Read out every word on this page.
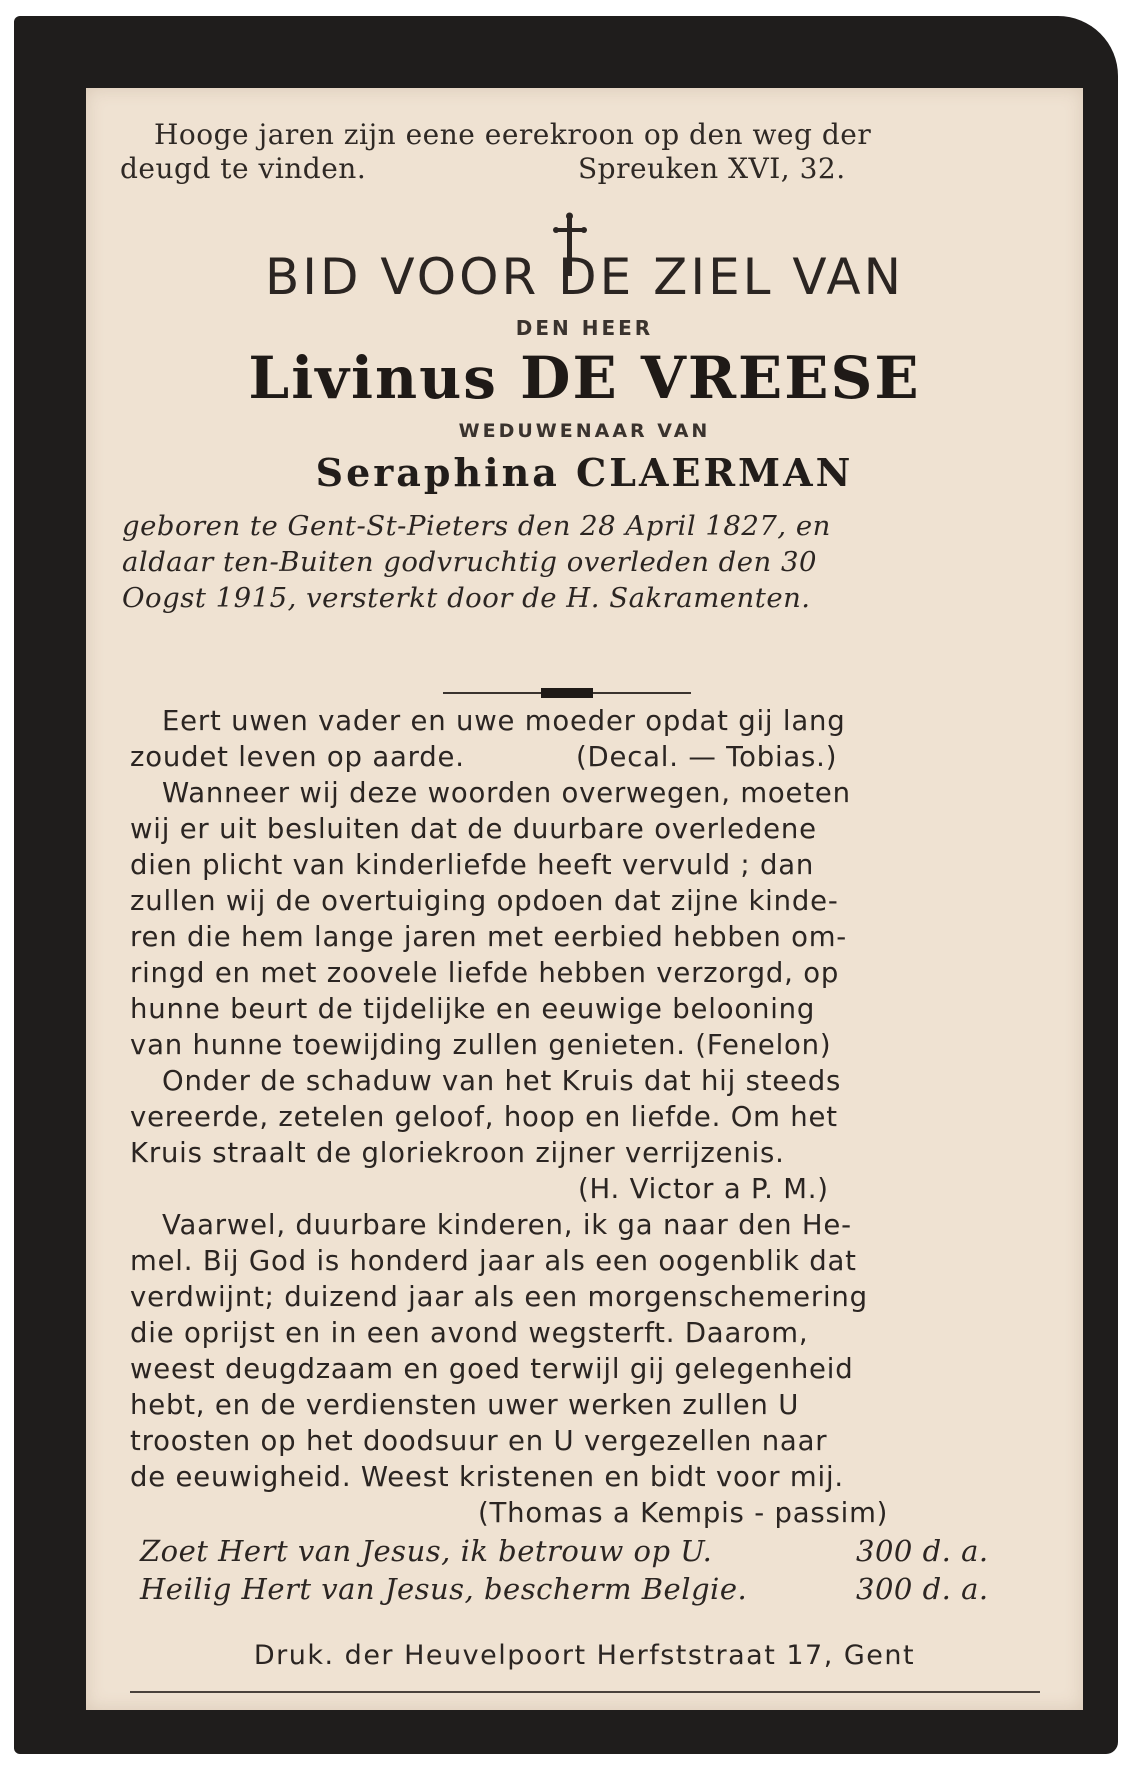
Hooge jaren zijn eene eerekroon op den weg der
deugd te vinden.	Spreuken XVI, 32.
BID VOOR DE ZIEL VAN
DEN HEER
Livinus DE VREESE
WEDUWENAAR VAN
Seraphina CLAERMAN
geboren te Gent-St-Pieters den 28 April 1827, en
aldaar ten-Buiten godvruchtig overleden den 30
Oogst 1915, versterkt door de H. Sakramenten.
Eert uwen vader en uwe moeder opdat gij lang
zoudet leven op aarde.	(Decal. — Tobias.)
Wanneer wij deze woorden overwegen, moeten
wij er uit besluiten dat de duurbare overledene
dien plicht van kinderliefde heeft vervuld ; dan
zullen wij de overtuiging opdoen dat zijne kinde-
ren die hem lange jaren met eerbied hebben om-
ringd en met zoovele liefde hebben verzorgd, op
hunne beurt de tijdelijke en eeuwige belooning
van hunne toewijding zullen genieten. (Fenelon)
Onder de schaduw van het Kruis dat hij steeds
vereerde, zetelen geloof, hoop en liefde. Om het
Kruis straalt de gloriekroon zijner verrijzenis.
(H. Victor a P. M.)
Vaarwel, duurbare kinderen, ik ga naar den He-
mel. Bij God is honderd jaar als een oogenblik dat
verdwijnt; duizend jaar als een morgenschemering
die oprijst en in een avond wegsterft. Daarom,
weest deugdzaam en goed terwijl gij gelegenheid
hebt, en de verdiensten uwer werken zullen U
troosten op het doodsuur en U vergezellen naar
de eeuwigheid. Weest kristenen en bidt voor mij.
(Thomas a Kempis - passim)
Zoet Hert van Jesus, ik betrouw op U.	300 d. a.
Heilig Hert van Jesus, bescherm Belgie.	300 d. a.
Druk. der Heuvelpoort Herfststraat 17, Gent
